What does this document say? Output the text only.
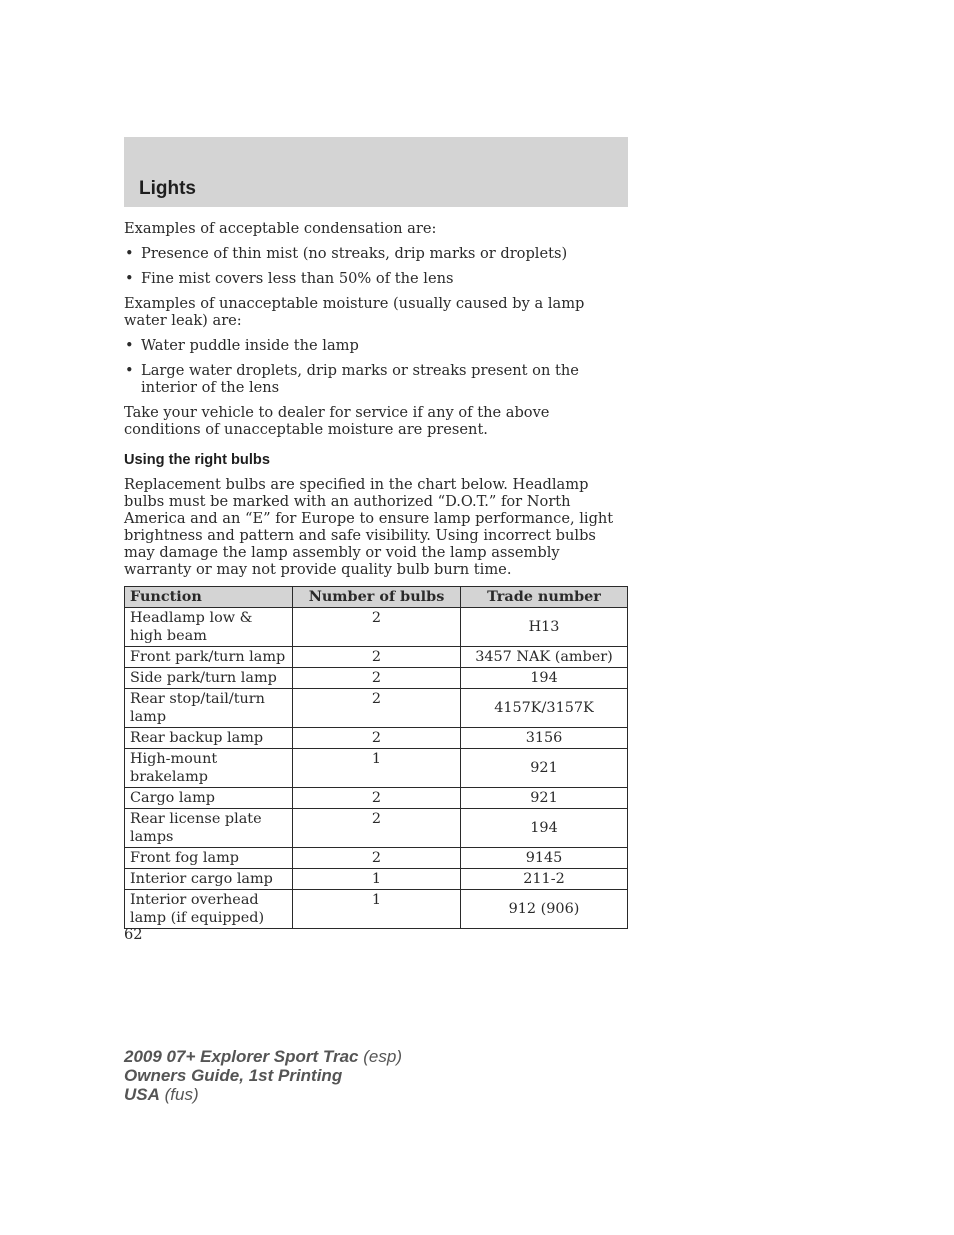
Lights

Examples of acceptable condensation are:

• Presence of thin mist (no streaks, drip marks or droplets)
• Fine mist covers less than 50% of the lens

Examples of unacceptable moisture (usually caused by a lamp water leak) are:

• Water puddle inside the lamp
• Large water droplets, drip marks or streaks present on the interior of the lens

Take your vehicle to dealer for service if any of the above conditions of unacceptable moisture are present.

Using the right bulbs

Replacement bulbs are specified in the chart below. Headlamp bulbs must be marked with an authorized “D.O.T.” for North America and an “E” for Europe to ensure lamp performance, light brightness and pattern and safe visibility. Using incorrect bulbs may damage the lamp assembly or void the lamp assembly warranty or may not provide quality bulb burn time.

Function	Number of bulbs	Trade number
Headlamp low & high beam	2	H13
Front park/turn lamp	2	3457 NAK (amber)
Side park/turn lamp	2	194
Rear stop/tail/turn lamp	2	4157K/3157K
Rear backup lamp	2	3156
High-mount brakelamp	1	921
Cargo lamp	2	921
Rear license plate lamps	2	194
Front fog lamp	2	9145
Interior cargo lamp	1	211-2
Interior overhead lamp (if equipped)	1	912 (906)
62
2009 07+ Explorer Sport Trac (esp)
Owners Guide, 1st Printing
USA (fus)
